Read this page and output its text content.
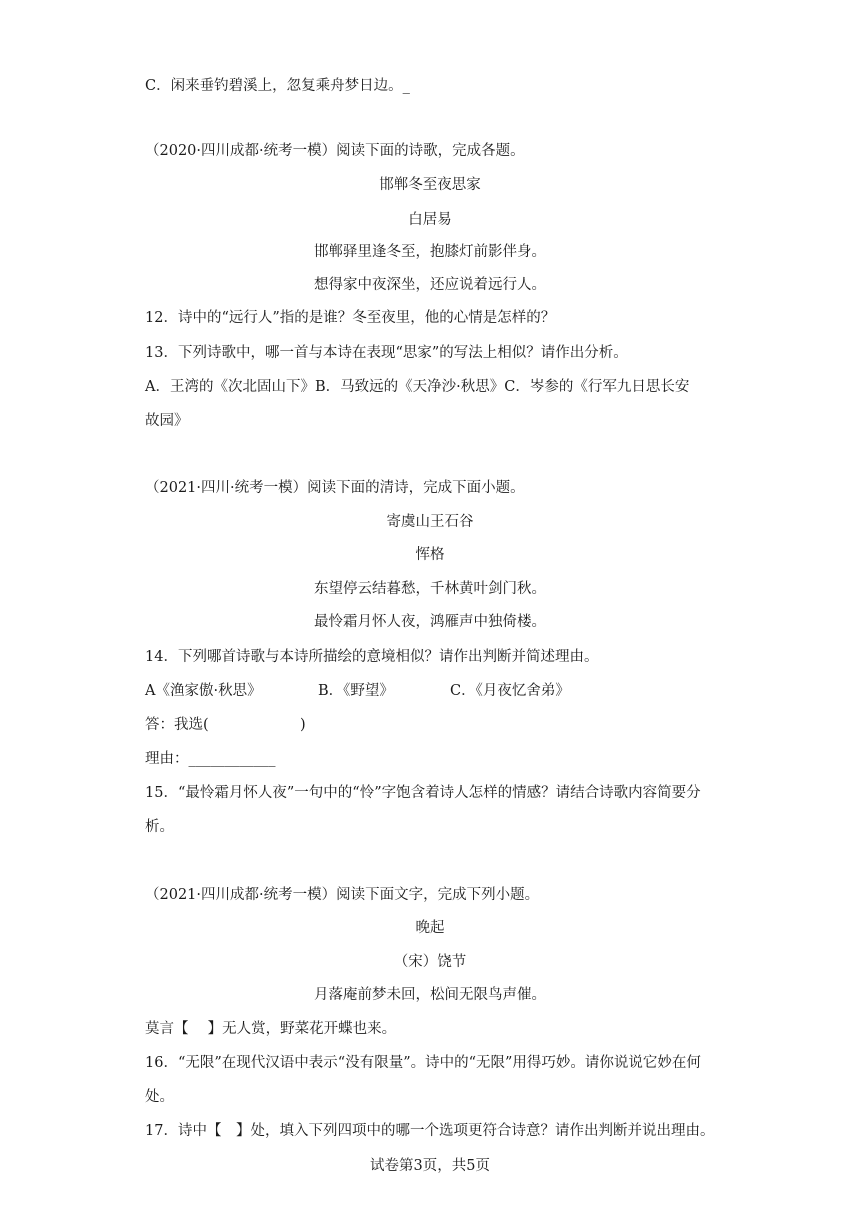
C．闲来垂钓碧溪上，忽复乘舟梦日边。_
（2020·四川成都·统考一模）阅读下面的诗歌，完成各题。
邯郸冬至夜思家
白居易
邯郸驿里逢冬至，抱膝灯前影伴身。
想得家中夜深坐，还应说着远行人。
12．诗中的“远行人”指的是谁？冬至夜里，他的心情是怎样的？
13．下列诗歌中，哪一首与本诗在表现“思家”的写法上相似？请作出分析。
A．王湾的《次北固山下》B．马致远的《天净沙·秋思》C．岑参的《行军九日思长安
故园》
（2021·四川·统考一模）阅读下面的清诗，完成下面小题。
寄虞山王石谷
恽格
东望停云结暮愁，千林黄叶剑门秋。
最怜霜月怀人夜，鸿雁声中独倚楼。
14．下列哪首诗歌与本诗所描绘的意境相似？请作出判断并简述理由。
A《渔家傲·秋思》	B．《野望》	C．《月夜忆舍弟》
答：我选(	)
理由：____________
15．“最怜霜月怀人夜”一句中的“怜”字饱含着诗人怎样的情感？请结合诗歌内容简要分
析。
（2021·四川成都·统考一模）阅读下面文字，完成下列小题。
晚起
（宋）饶节
月落庵前梦未回，松间无限鸟声催。
莫言【　 】无人赏，野菜花开蝶也来。
16．“无限”在现代汉语中表示“没有限量”。诗中的“无限”用得巧妙。请你说说它妙在何
处。
17．诗中【　】处，填入下列四项中的哪一个选项更符合诗意？请作出判断并说出理由。
试卷第3页，共5页
